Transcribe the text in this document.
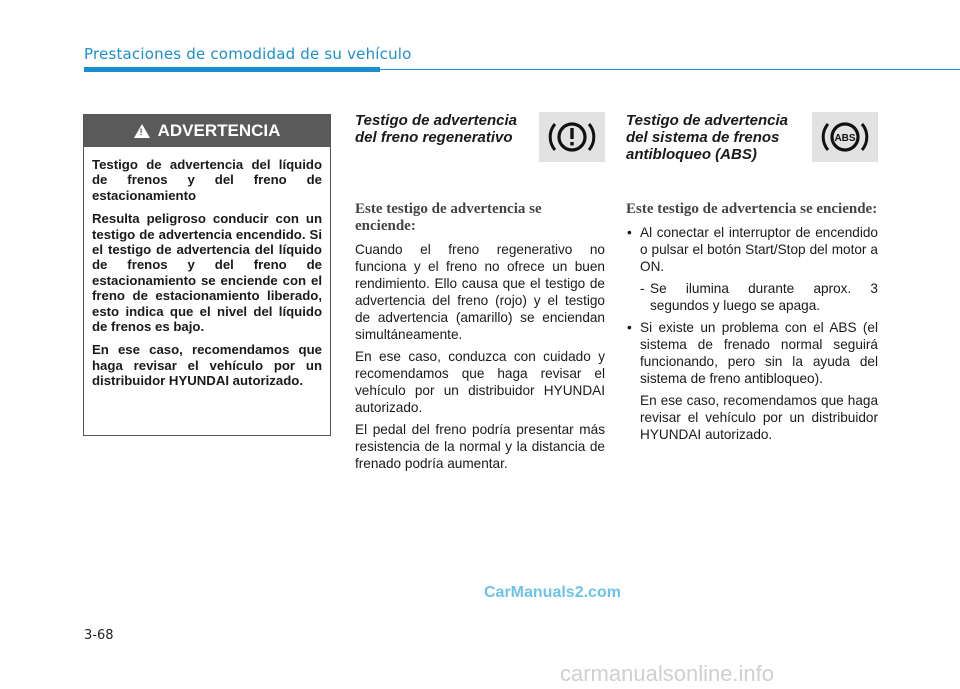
Prestaciones de comodidad de su vehículo
! ADVERTENCIA

Testigo de advertencia del líquido de frenos y del freno de estacionamiento

Resulta peligroso conducir con un testigo de advertencia encendido. Si el testigo de advertencia del líquido de frenos y del freno de estacionamiento se enciende con el freno de estacionamiento liberado, esto indica que el nivel del líquido de frenos es bajo.

En ese caso, recomendamos que haga revisar el vehículo por un distribuidor HYUNDAI autorizado.

Testigo de advertencia del freno regenerativo
Este testigo de advertencia se enciende:

Cuando el freno regenerativo no funciona y el freno no ofrece un buen rendimiento. Ello causa que el testigo de advertencia del freno (rojo) y el testigo de advertencia (amarillo) se enciendan simultáneamente.

En ese caso, conduzca con cuidado y recomendamos que haga revisar el vehículo por un distribuidor HYUNDAI autorizado.

El pedal del freno podría presentar más resistencia de la normal y la distancia de frenado podría aumentar.

Testigo de advertencia del sistema de frenos antibloqueo (ABS)
ABS
Este testigo de advertencia se enciende:
• Al conectar el interruptor de encendido o pulsar el botón Start/Stop del motor a ON.

- Se ilumina durante aprox. 3 segundos y luego se apaga.

• Si existe un problema con el ABS (el sistema de frenado normal seguirá funcionando, pero sin la ayuda del sistema de freno antibloqueo).

En ese caso, recomendamos que haga revisar el vehículo por un distribuidor HYUNDAI autorizado.

3-68
CarManuals2.com
carmanualsonline.info
